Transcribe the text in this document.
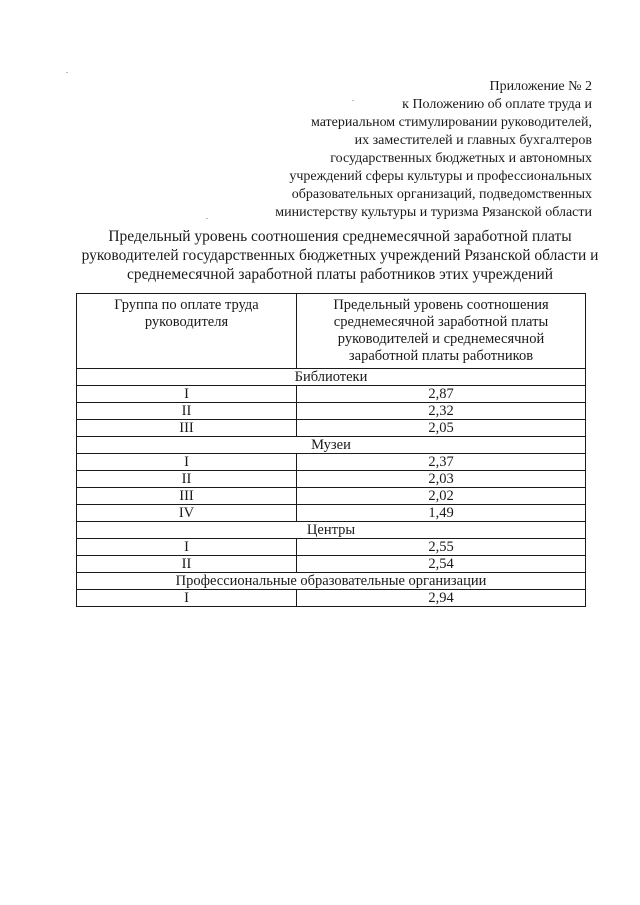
Приложение № 2
к Положению об оплате труда и
материальном стимулировании руководителей,
их заместителей и главных бухгалтеров
государственных бюджетных и автономных
учреждений сферы культуры и профессиональных
образовательных организаций, подведомственных
министерству культуры и туризма Рязанской области
Предельный уровень соотношения среднемесячной заработной платы
руководителей государственных бюджетных учреждений Рязанской области и
среднемесячной заработной платы работников этих учреждений
Группа по оплате труда
руководителя	Предельный уровень соотношения
среднемесячной заработной платы
руководителей и среднемесячной
заработной платы работников

Библиотеки	
I	2,87
II	2,32
III	2,05
Музеи	
I	2,37
II	2,03
III	2,02
IV	1,49
Центры	
I	2,55
II	2,54
Профессиональные образовательные организации	
I	2,94
